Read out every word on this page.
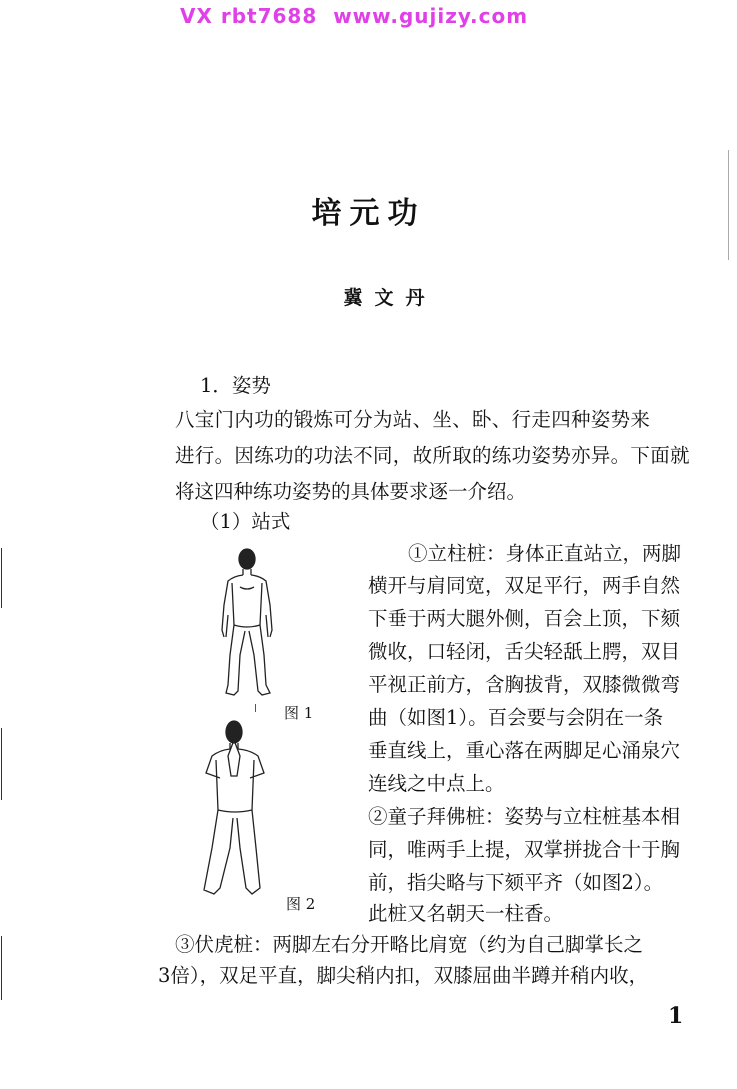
VX rbt7688  www.gujizy.com
培元功
冀文丹
1．姿势
八宝门内功的锻炼可分为站、坐、卧、行走四种姿势来
进行。因练功的功法不同，故所取的练功姿势亦异。下面就
将这四种练功姿势的具体要求逐一介绍。
（1）站式
①立柱桩：身体正直站立，两脚
横开与肩同宽，双足平行，两手自然
下垂于两大腿外侧，百会上顶，下颏
微收，口轻闭，舌尖轻舐上腭，双目
平视正前方，含胸拔背，双膝微微弯
曲（如图1）。百会要与会阴在一条
垂直线上，重心落在两脚足心涌泉穴
连线之中点上。
②童子拜佛桩：姿势与立柱桩基本相
同，唯两手上提，双掌拼拢合十于胸
前，指尖略与下颏平齐（如图2）。
此桩又名朝天一柱香。
③伏虎桩：两脚左右分开略比肩宽（约为自己脚掌长之
3倍），双足平直，脚尖稍内扣，双膝屈曲半蹲并稍内收，
图 1
图 2
1
